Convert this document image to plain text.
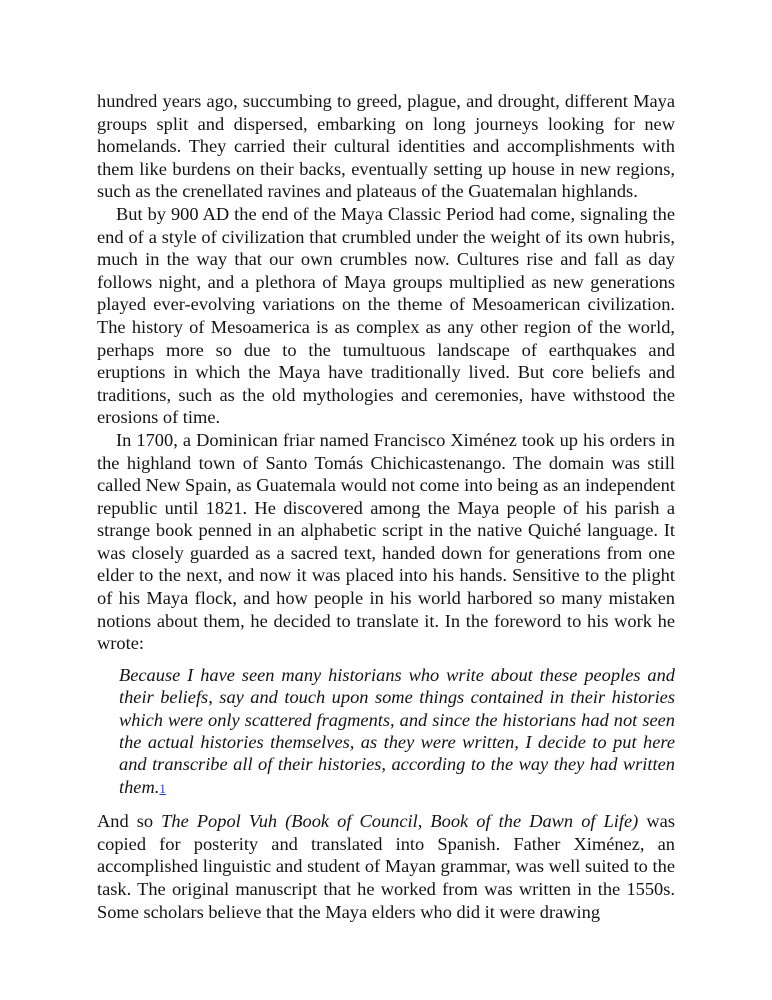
hundred years ago, succumbing to greed, plague, and drought, different Maya groups split and dispersed, embarking on long journeys looking for new homelands. They carried their cultural identities and accomplishments with them like burdens on their backs, eventually setting up house in new regions, such as the crenellated ravines and plateaus of the Guatemalan highlands.

But by 900 AD the end of the Maya Classic Period had come, signaling the end of a style of civilization that crumbled under the weight of its own hubris, much in the way that our own crumbles now. Cultures rise and fall as day follows night, and a plethora of Maya groups multiplied as new generations played ever-evolving variations on the theme of Mesoamerican civilization. The history of Mesoamerica is as complex as any other region of the world, perhaps more so due to the tumultuous landscape of earthquakes and eruptions in which the Maya have traditionally lived. But core beliefs and traditions, such as the old mythologies and ceremonies, have withstood the erosions of time.

In 1700, a Dominican friar named Francisco Ximénez took up his orders in the highland town of Santo Tomás Chichicastenango. The domain was still called New Spain, as Guatemala would not come into being as an independent republic until 1821. He discovered among the Maya people of his parish a strange book penned in an alphabetic script in the native Quiché language. It was closely guarded as a sacred text, handed down for generations from one elder to the next, and now it was placed into his hands. Sensitive to the plight of his Maya flock, and how people in his world harbored so many mistaken notions about them, he decided to translate it. In the foreword to his work he wrote:

Because I have seen many historians who write about these peoples and their beliefs, say and touch upon some things contained in their histories which were only scattered fragments, and since the historians had not seen the actual histories themselves, as they were written, I decide to put here and transcribe all of their histories, according to the way they had written them.1

And so The Popol Vuh (Book of Council, Book of the Dawn of Life) was copied for posterity and translated into Spanish. Father Ximénez, an accomplished linguistic and student of Mayan grammar, was well suited to the task. The original manuscript that he worked from was written in the 1550s. Some scholars believe that the Maya elders who did it were drawing
